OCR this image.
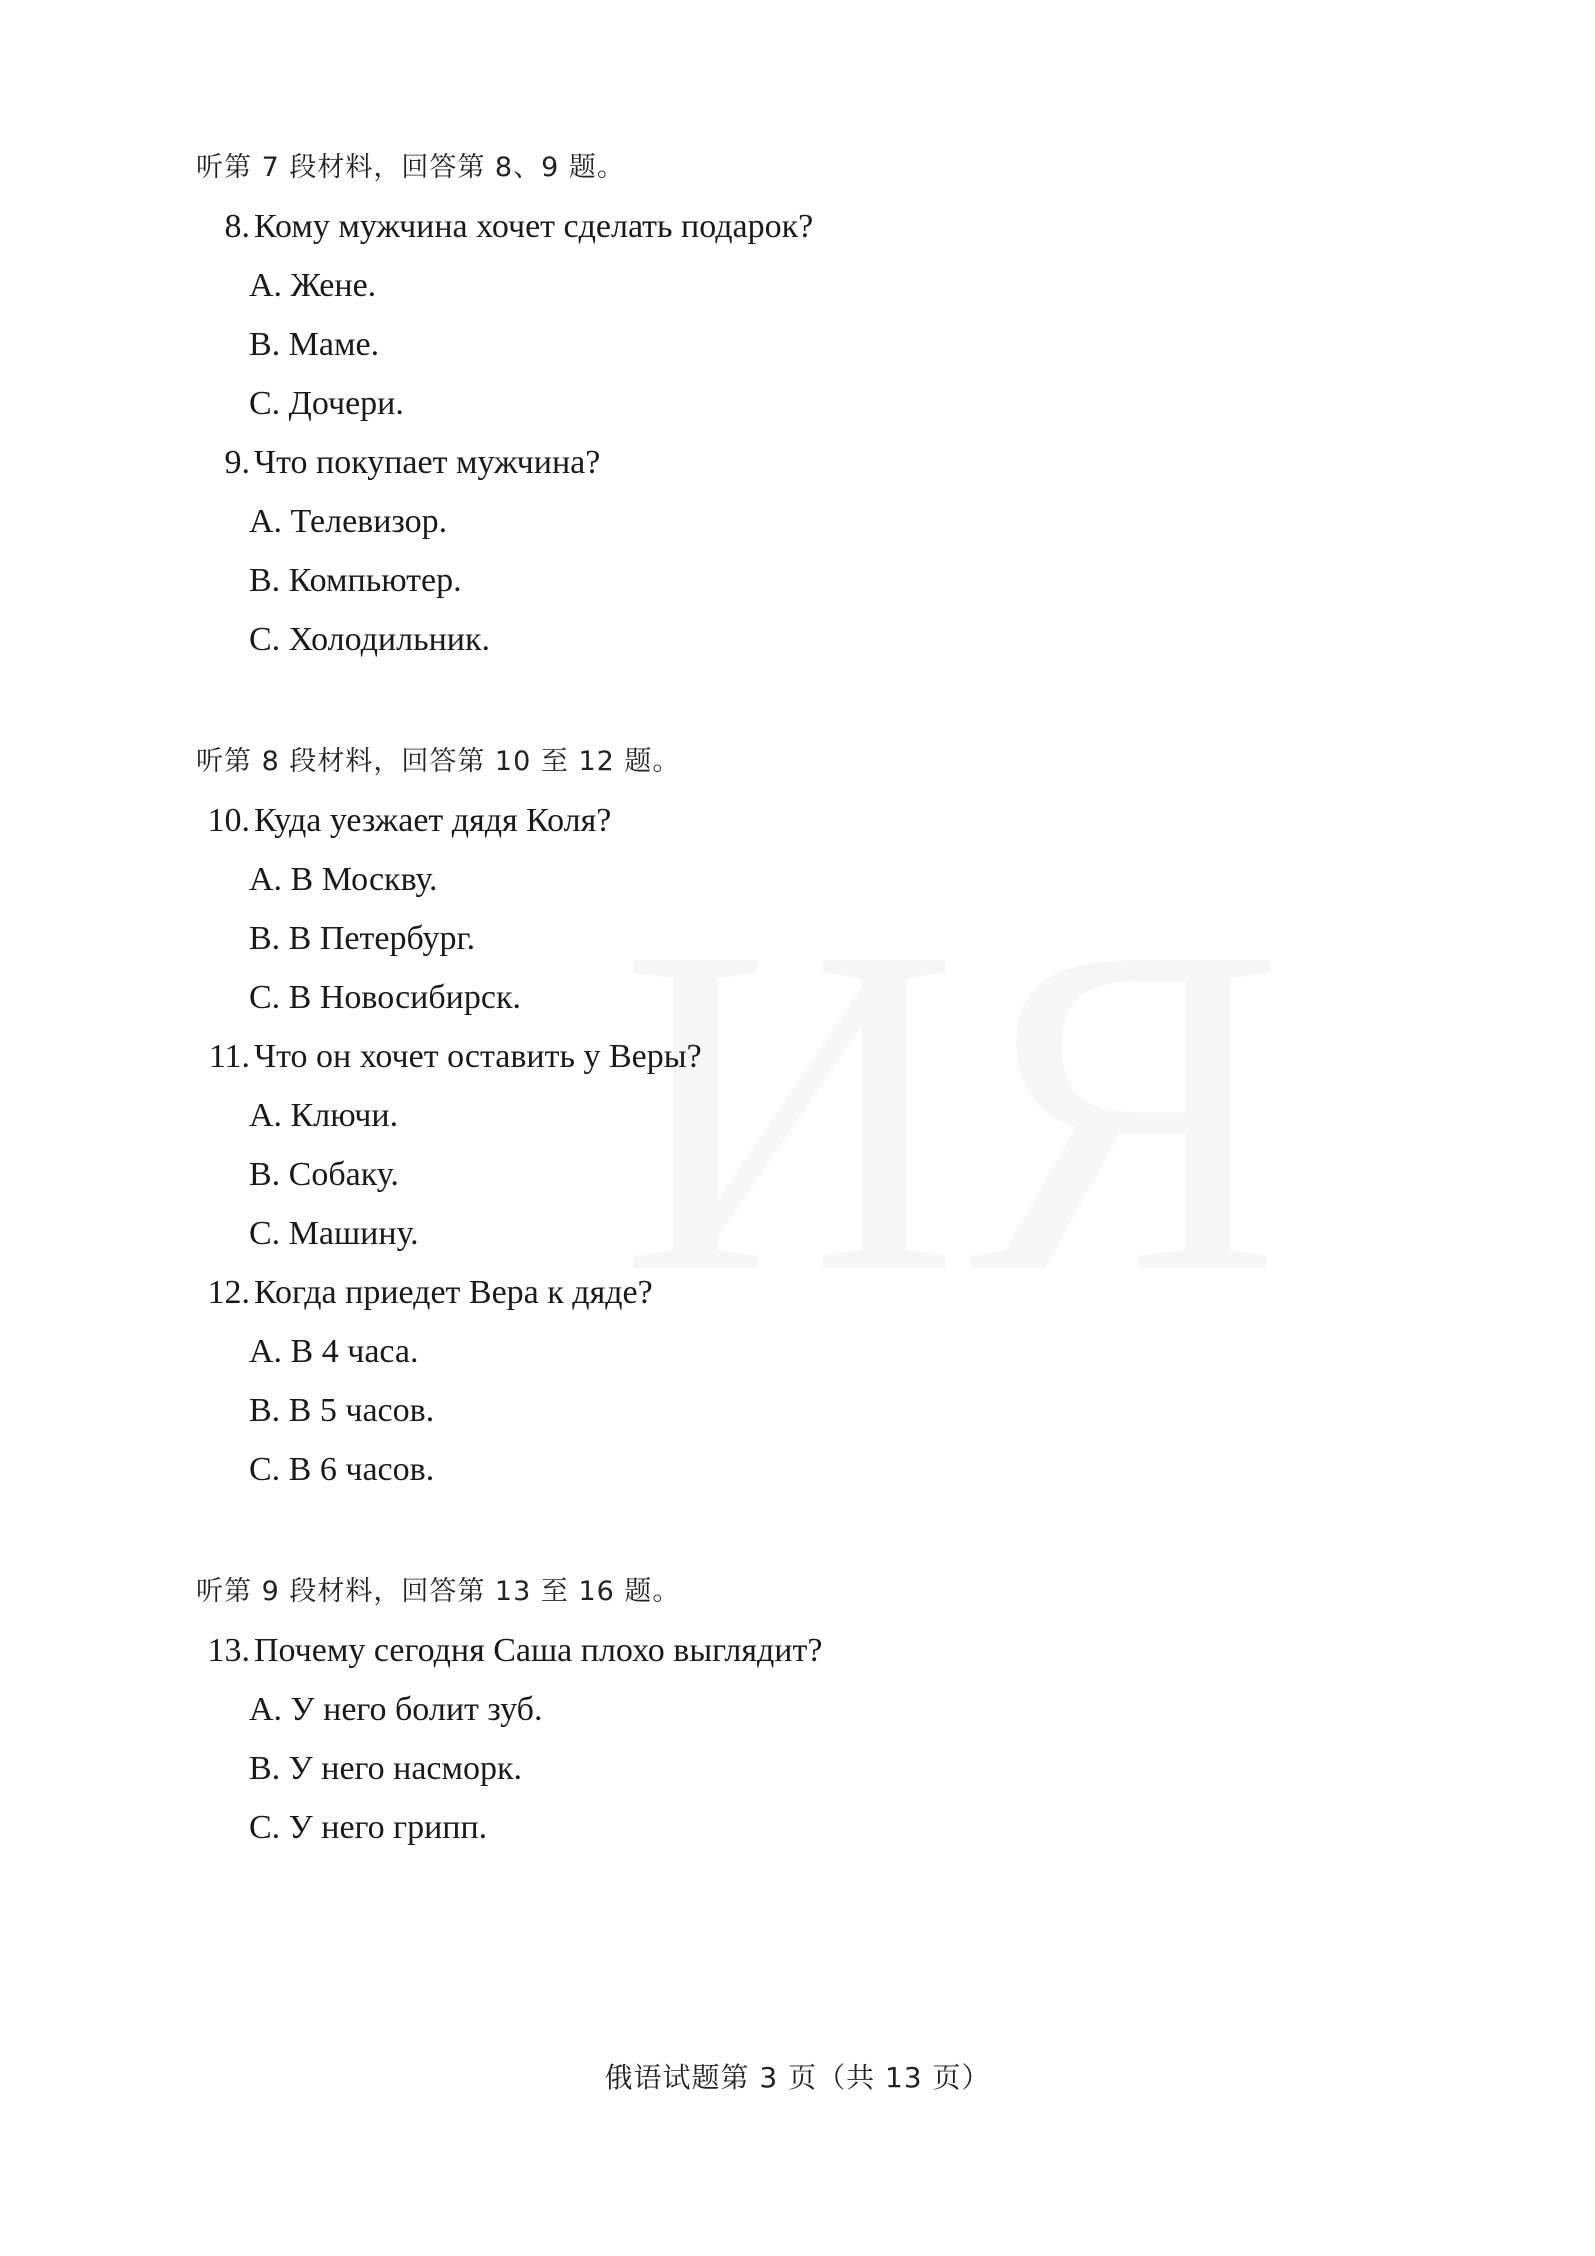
ИЯ
听第 7 段材料，回答第 8、9 题。
8. Кому мужчина хочет сделать подарок?
A. Жене.
B. Маме.
C. Дочери.
9. Что покупает мужчина?
A. Телевизор.
B. Компьютер.
C. Холодильник.
听第 8 段材料，回答第 10 至 12 题。
10. Куда уезжает дядя Коля?
A. В Москву.
B. В Петербург.
C. В Новосибирск.
11. Что он хочет оставить у Веры?
A. Ключи.
B. Собаку.
C. Машину.
12. Когда приедет Вера к дяде?
A. В 4 часа.
B. В 5 часов.
C. В 6 часов.
听第 9 段材料，回答第 13 至 16 题。
13. Почему сегодня Саша плохо выглядит?
A. У него болит зуб.
B. У него насморк.
C. У него грипп.
俄语试题第 3 页（共 13 页）
